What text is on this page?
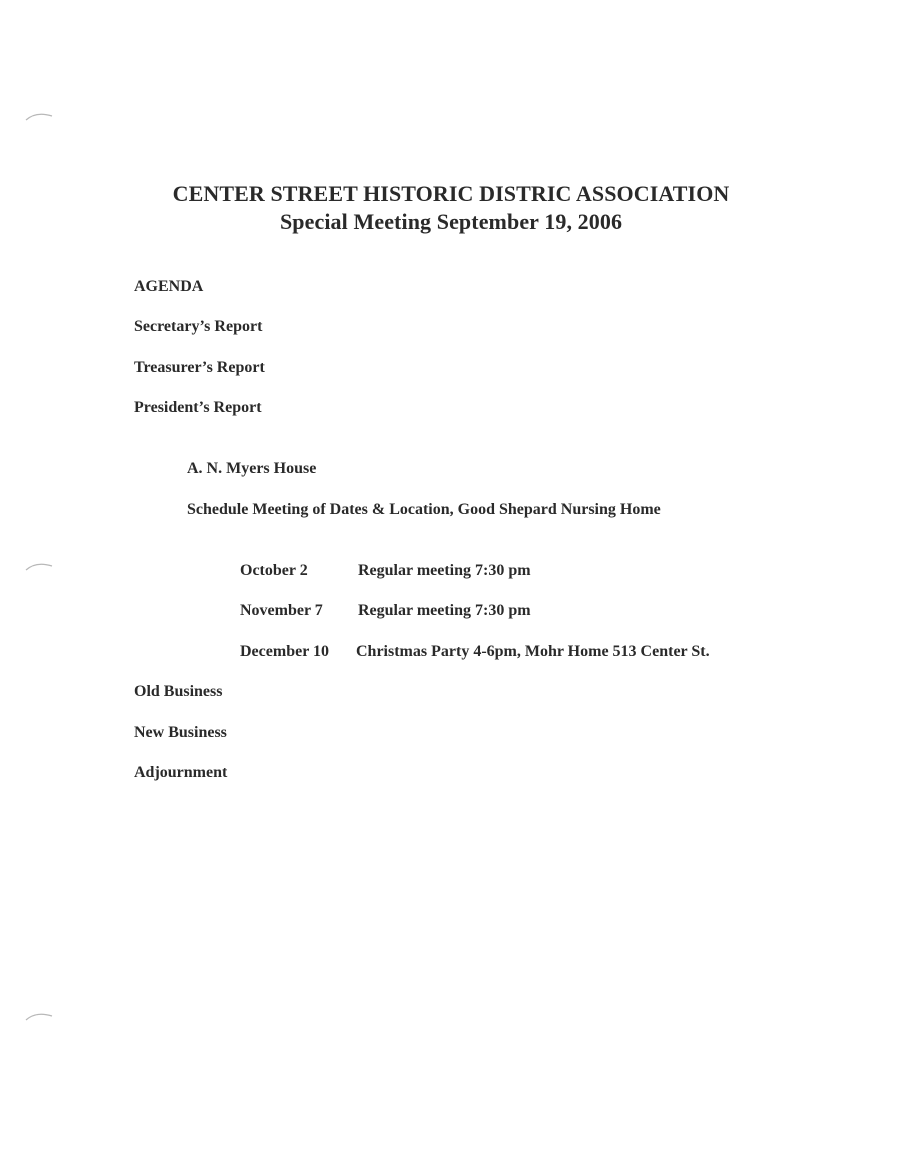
CENTER STREET HISTORIC DISTRIC ASSOCIATION
Special Meeting September 19, 2006
AGENDA
Secretary’s Report
Treasurer’s Report
President’s Report
A. N. Myers House
Schedule Meeting of Dates & Location, Good Shepard Nursing Home
October 2	Regular meeting 7:30 pm
November 7 Regular meeting 7:30 pm
December 10 Christmas Party 4-6pm, Mohr Home 513 Center St.
Old Business
New Business
Adjournment
